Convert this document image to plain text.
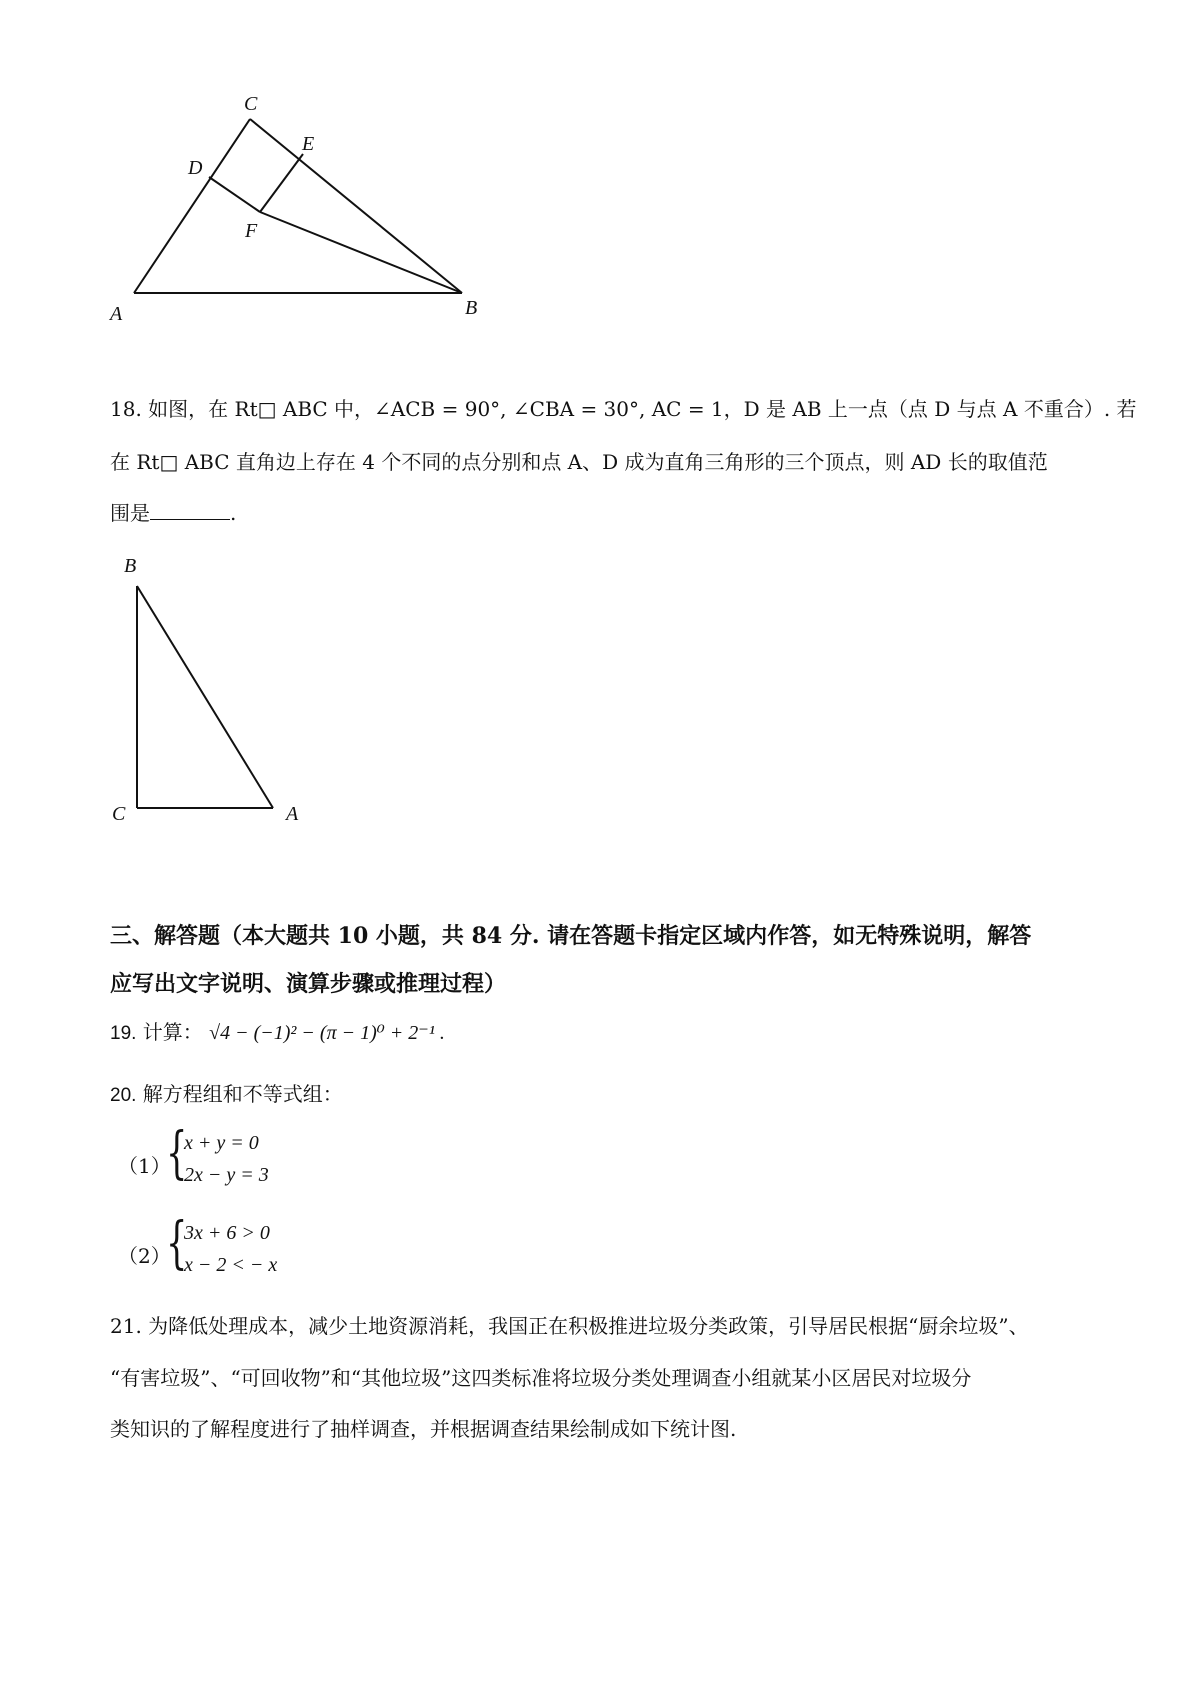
C
E
D
F
A	B
18. 如图，在 Rt□ ABC 中，∠ACB = 90°, ∠CBA = 30°, AC = 1，D 是 AB 上一点（点 D 与点 A 不重合）. 若
在 Rt□ ABC 直角边上存在 4 个不同的点分别和点 A、D 成为直角三角形的三个顶点，则 AD 长的取值范
围是	.
B
C	A
三、解答题（本大题共 10 小题，共 84 分. 请在答题卡指定区域内作答，如无特殊说明，解答
应写出文字说明、演算步骤或推理过程）
19. 计算： √4 − (−1)² − (π − 1)⁰ + 2⁻¹ .
20. 解方程组和不等式组：
（1）
{
x + y = 0
2x − y = 3
（2）
{
3x + 6 > 0
x − 2 < − x
21. 为降低处理成本，减少土地资源消耗，我国正在积极推进垃圾分类政策，引导居民根据“厨余垃圾”、
“有害垃圾”、“可回收物”和“其他垃圾”这四类标准将垃圾分类处理调查小组就某小区居民对垃圾分
类知识的了解程度进行了抽样调查，并根据调查结果绘制成如下统计图.
